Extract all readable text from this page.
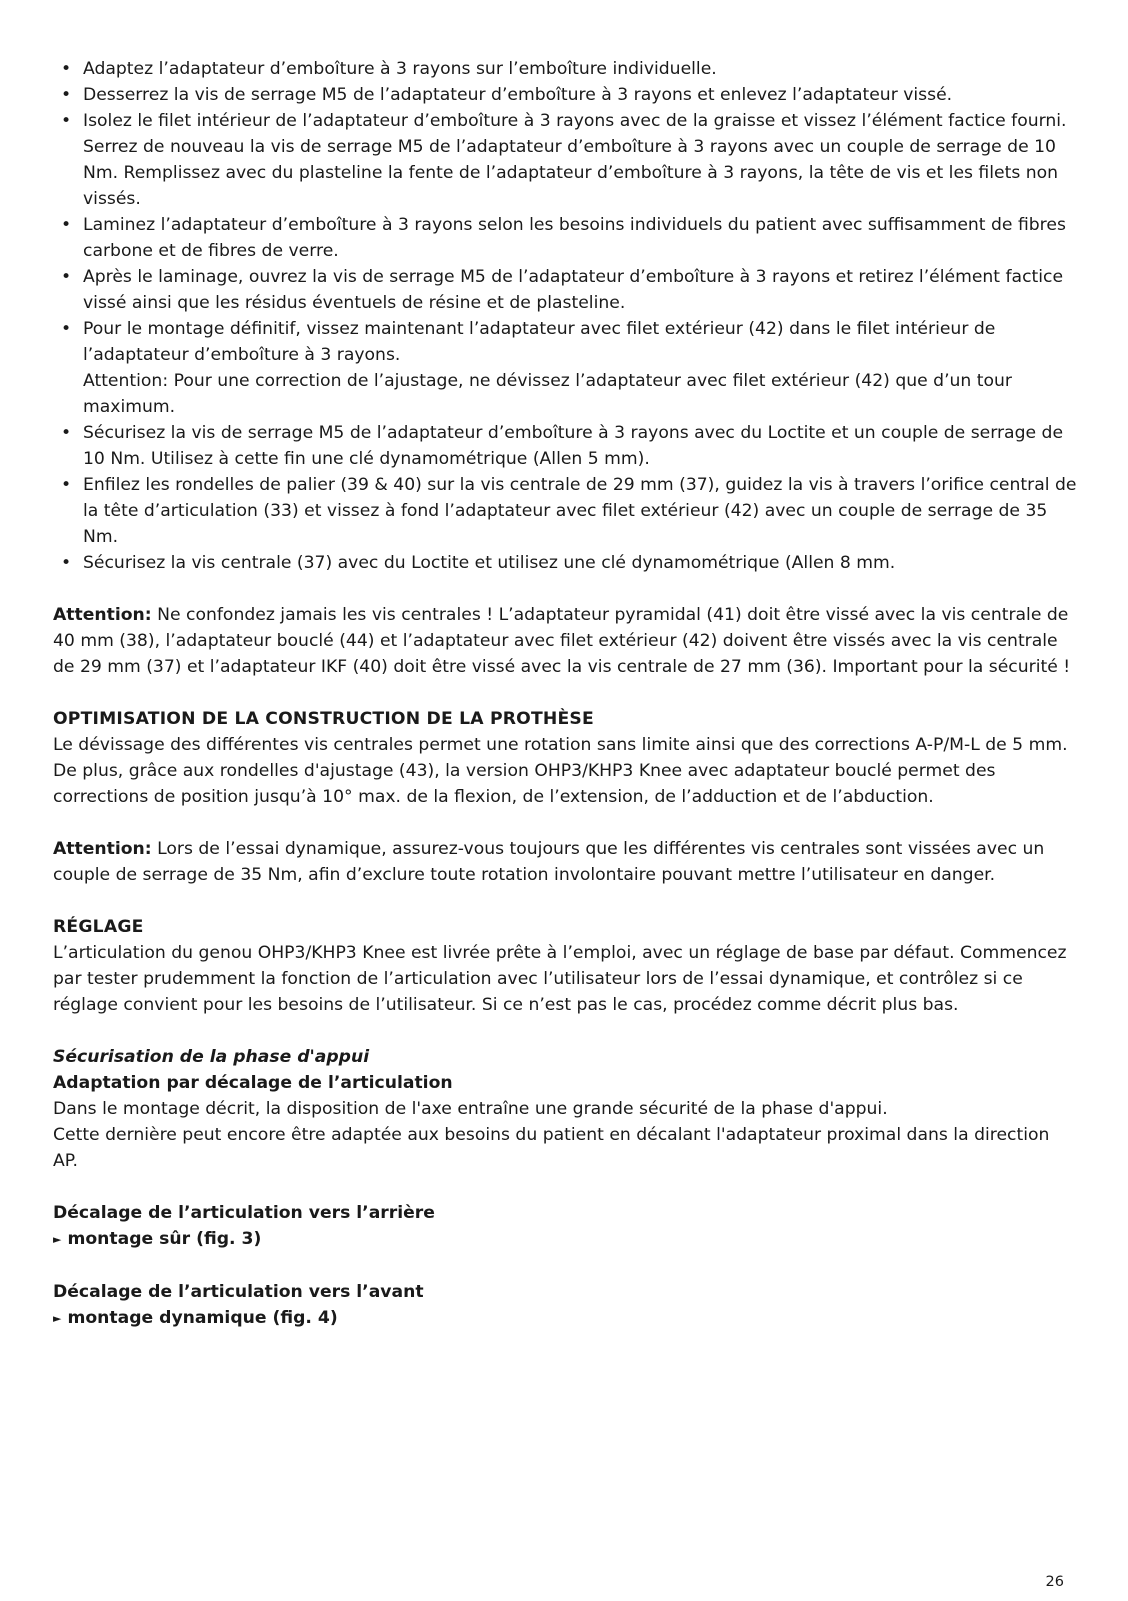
• Adaptez l’adaptateur d’emboîture à 3 rayons sur l’emboîture individuelle.
• Desserrez la vis de serrage M5 de l’adaptateur d’emboîture à 3 rayons et enlevez l’adaptateur vissé.
• Isolez le filet intérieur de l’adaptateur d’emboîture à 3 rayons avec de la graisse et vissez l’élément factice fourni. Serrez de nouveau la vis de serrage M5 de l’adaptateur d’emboîture à 3 rayons avec un couple de serrage de 10 Nm. Remplissez avec du plasteline la fente de l’adaptateur d’emboîture à 3 rayons, la tête de vis et les filets non vissés.
• Laminez l’adaptateur d’emboîture à 3 rayons selon les besoins individuels du patient avec suffisamment de fibres carbone et de fibres de verre.
• Après le laminage, ouvrez la vis de serrage M5 de l’adaptateur d’emboîture à 3 rayons et retirez l’élément factice vissé ainsi que les résidus éventuels de résine et de plasteline.
• Pour le montage définitif, vissez maintenant l’adaptateur avec filet extérieur (42) dans le filet intérieur de l’adaptateur d’emboîture à 3 rayons.
Attention: Pour une correction de l’ajustage, ne dévissez l’adaptateur avec filet extérieur (42) que d’un tour maximum.
• Sécurisez la vis de serrage M5 de l’adaptateur d’emboîture à 3 rayons avec du Loctite et un couple de serrage de 10 Nm. Utilisez à cette fin une clé dynamométrique (Allen 5 mm).
• Enfilez les rondelles de palier (39 & 40) sur la vis centrale de 29 mm (37), guidez la vis à travers l’orifice central de la tête d’articulation (33) et vissez à fond l’adaptateur avec filet extérieur (42) avec un couple de serrage de 35 Nm.
• Sécurisez la vis centrale (37) avec du Loctite et utilisez une clé dynamométrique (Allen 8 mm.

Attention: Ne confondez jamais les vis centrales ! L’adaptateur pyramidal (41) doit être vissé avec la vis centrale de 40 mm (38), l’adaptateur bouclé (44) et l’adaptateur avec filet extérieur (42) doivent être vissés avec la vis centrale de 29 mm (37) et l’adaptateur IKF (40) doit être vissé avec la vis centrale de 27 mm (36). Important pour la sécurité !

OPTIMISATION DE LA CONSTRUCTION DE LA PROTHÈSE

Le dévissage des différentes vis centrales permet une rotation sans limite ainsi que des corrections A-P/M-L de 5 mm.

De plus, grâce aux rondelles d'ajustage (43), la version OHP3/KHP3 Knee avec adaptateur bouclé permet des corrections de position jusqu’à 10° max. de la flexion, de l’extension, de l’adduction et de l’abduction.

Attention: Lors de l’essai dynamique, assurez-vous toujours que les différentes vis centrales sont vissées avec un couple de serrage de 35 Nm, afin d’exclure toute rotation involontaire pouvant mettre l’utilisateur en danger.

RÉGLAGE

L’articulation du genou OHP3/KHP3 Knee est livrée prête à l’emploi, avec un réglage de base par défaut. Commencez par tester prudemment la fonction de l’articulation avec l’utilisateur lors de l’essai dynamique, et contrôlez si ce réglage convient pour les besoins de l’utilisateur. Si ce n’est pas le cas, procédez comme décrit plus bas.

Sécurisation de la phase d'appui

Adaptation par décalage de l’articulation

Dans le montage décrit, la disposition de l'axe entraîne une grande sécurité de la phase d'appui.

Cette dernière peut encore être adaptée aux besoins du patient en décalant l'adaptateur proximal dans la direction AP.

Décalage de l’articulation vers l’arrière

► montage sûr (fig. 3)

Décalage de l’articulation vers l’avant

► montage dynamique (fig. 4)

26
